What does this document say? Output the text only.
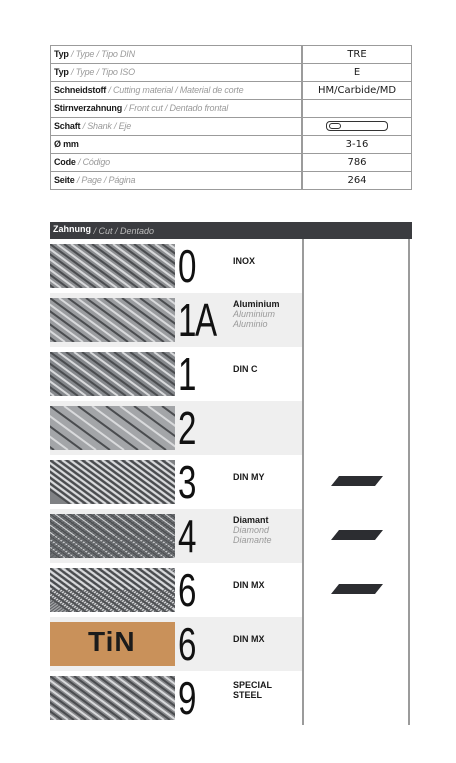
Typ / Type / Tipo DIN	TRE
Typ / Type / Tipo ISO	E
Schneidstoff / Cutting material / Material de corte	HM/Carbide/MD
Stirnverzahnung / Front cut / Dentado frontal	
Schaft / Shank / Eje	
Ø mm	3-16
Code / Código	786
Seite / Page / Página	264
Zahnung / Cut / Dentado
0	INOX
1A Aluminium
Aluminium
Aluminio
1	DIN C
2
3	DIN MY
4	Diamant
Diamond
Diamante
6	DIN MX
TiN 6	DIN MX
9	SPECIAL
STEEL
